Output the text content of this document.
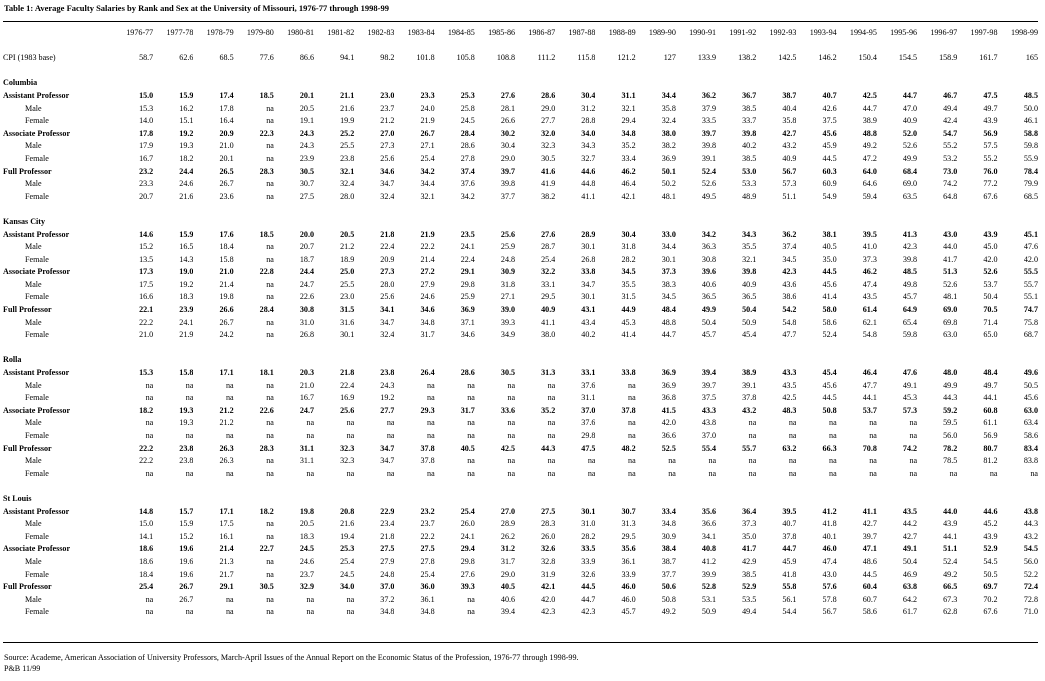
Table 1: Average Faculty Salaries by Rank and Sex at the University of Missouri, 1976-77 through 1998-99
	1976-77	1977-78	1978-79	1979-80	1980-81	1981-82	1982-83	1983-84	1984-85	1985-86	1986-87	1987-88	1988-89	1989-90	1990-91	1991-92	1992-93	1993-94	1994-95	1995-96	1996-97	1997-98	1998-99

CPI (1983 base)	58.7	62.6	68.5	77.6	86.6	94.1	98.2	101.8	105.8	108.8	111.2	115.8	121.2	127	133.9	138.2	142.5	146.2	150.4	154.5	158.9	161.7	165

Columbia																							
Assistant Professor	15.0	15.9	17.4	18.5	20.1	21.1	23.0	23.3	25.3	27.6	28.6	30.4	31.1	34.4	36.2	36.7	38.7	40.7	42.5	44.7	46.7	47.5	48.5
Male	15.3	16.2	17.8	na	20.5	21.6	23.7	24.0	25.8	28.1	29.0	31.2	32.1	35.8	37.9	38.5	40.4	42.6	44.7	47.0	49.4	49.7	50.0
Female	14.0	15.1	16.4	na	19.1	19.9	21.2	21.9	24.5	26.6	27.7	28.8	29.4	32.4	33.5	33.7	35.8	37.5	38.9	40.9	42.4	43.9	46.1
Associate Professor	17.8	19.2	20.9	22.3	24.3	25.2	27.0	26.7	28.4	30.2	32.0	34.0	34.8	38.0	39.7	39.8	42.7	45.6	48.8	52.0	54.7	56.9	58.8
Male	17.9	19.3	21.0	na	24.3	25.5	27.3	27.1	28.6	30.4	32.3	34.3	35.2	38.2	39.8	40.2	43.2	45.9	49.2	52.6	55.2	57.5	59.8
Female	16.7	18.2	20.1	na	23.9	23.8	25.6	25.4	27.8	29.0	30.5	32.7	33.4	36.9	39.1	38.5	40.9	44.5	47.2	49.9	53.2	55.2	55.9
Full Professor	23.2	24.4	26.5	28.3	30.5	32.1	34.6	34.2	37.4	39.7	41.6	44.6	46.2	50.1	52.4	53.0	56.7	60.3	64.0	68.4	73.0	76.0	78.4
Male	23.3	24.6	26.7	na	30.7	32.4	34.7	34.4	37.6	39.8	41.9	44.8	46.4	50.2	52.6	53.3	57.3	60.9	64.6	69.0	74.2	77.2	79.9
Female	20.7	21.6	23.6	na	27.5	28.0	32.4	32.1	34.2	37.7	38.2	41.1	42.1	48.1	49.5	48.9	51.1	54.9	59.4	63.5	64.8	67.6	68.5

Kansas City																							
Assistant Professor	14.6	15.9	17.6	18.5	20.0	20.5	21.8	21.9	23.5	25.6	27.6	28.9	30.4	33.0	34.2	34.3	36.2	38.1	39.5	41.3	43.0	43.9	45.1
Male	15.2	16.5	18.4	na	20.7	21.2	22.4	22.2	24.1	25.9	28.7	30.1	31.8	34.4	36.3	35.5	37.4	40.5	41.0	42.3	44.0	45.0	47.6
Female	13.5	14.3	15.8	na	18.7	18.9	20.9	21.4	22.4	24.8	25.4	26.8	28.2	30.1	30.8	32.1	34.5	35.0	37.3	39.8	41.7	42.0	42.0
Associate Professor	17.3	19.0	21.0	22.8	24.4	25.0	27.3	27.2	29.1	30.9	32.2	33.8	34.5	37.3	39.6	39.8	42.3	44.5	46.2	48.5	51.3	52.6	55.5
Male	17.5	19.2	21.4	na	24.7	25.5	28.0	27.9	29.8	31.8	33.1	34.7	35.5	38.3	40.6	40.9	43.6	45.6	47.4	49.8	52.6	53.7	55.7
Female	16.6	18.3	19.8	na	22.6	23.0	25.6	24.6	25.9	27.1	29.5	30.1	31.5	34.5	36.5	36.5	38.6	41.4	43.5	45.7	48.1	50.4	55.1
Full Professor	22.1	23.9	26.6	28.4	30.8	31.5	34.1	34.6	36.9	39.0	40.9	43.1	44.9	48.4	49.9	50.4	54.2	58.0	61.4	64.9	69.0	70.5	74.7
Male	22.2	24.1	26.7	na	31.0	31.6	34.7	34.8	37.1	39.3	41.1	43.4	45.3	48.8	50.4	50.9	54.8	58.6	62.1	65.4	69.8	71.4	75.8
Female	21.0	21.9	24.2	na	26.8	30.1	32.4	31.7	34.6	34.9	38.0	40.2	41.4	44.7	45.7	45.4	47.7	52.4	54.8	59.8	63.0	65.0	68.7

Rolla																							
Assistant Professor	15.3	15.8	17.1	18.1	20.3	21.8	23.8	26.4	28.6	30.5	31.3	33.1	33.8	36.9	39.4	38.9	43.3	45.4	46.4	47.6	48.0	48.4	49.6
Male	na	na	na	na	21.0	22.4	24.3	na	na	na	na	37.6	na	36.9	39.7	39.1	43.5	45.6	47.7	49.1	49.9	49.7	50.5
Female	na	na	na	na	16.7	16.9	19.2	na	na	na	na	31.1	na	36.8	37.5	37.8	42.5	44.5	44.1	45.3	44.3	44.1	45.6
Associate Professor	18.2	19.3	21.2	22.6	24.7	25.6	27.7	29.3	31.7	33.6	35.2	37.0	37.8	41.5	43.3	43.2	48.3	50.8	53.7	57.3	59.2	60.8	63.0
Male	na	19.3	21.2	na	na	na	na	na	na	na	na	37.6	na	42.0	43.8	na	na	na	na	na	59.5	61.1	63.4
Female	na	na	na	na	na	na	na	na	na	na	na	29.8	na	36.6	37.0	na	na	na	na	na	56.0	56.9	58.6
Full Professor	22.2	23.8	26.3	28.3	31.1	32.3	34.7	37.8	40.5	42.5	44.3	47.5	48.2	52.5	55.4	55.7	63.2	66.3	70.8	74.2	78.2	80.7	83.4
Male	22.2	23.8	26.3	na	31.1	32.3	34.7	37.8	na	na	na	na	na	na	na	na	na	na	na	na	78.5	81.2	83.8
Female	na	na	na	na	na	na	na	na	na	na	na	na	na	na	na	na	na	na	na	na	na	na	na

St Louis																							
Assistant Professor	14.8	15.7	17.1	18.2	19.8	20.8	22.9	23.2	25.4	27.0	27.5	30.1	30.7	33.4	35.6	36.4	39.5	41.2	41.1	43.5	44.0	44.6	43.8
Male	15.0	15.9	17.5	na	20.5	21.6	23.4	23.7	26.0	28.9	28.3	31.0	31.3	34.8	36.6	37.3	40.7	41.8	42.7	44.2	43.9	45.2	44.3
Female	14.1	15.2	16.1	na	18.3	19.4	21.8	22.2	24.1	26.2	26.0	28.2	29.5	30.9	34.1	35.0	37.8	40.1	39.7	42.7	44.1	43.9	43.2
Associate Professor	18.6	19.6	21.4	22.7	24.5	25.3	27.5	27.5	29.4	31.2	32.6	33.5	35.6	38.4	40.8	41.7	44.7	46.0	47.1	49.1	51.1	52.9	54.5
Male	18.6	19.6	21.3	na	24.6	25.4	27.9	27.8	29.8	31.7	32.8	33.9	36.1	38.7	41.2	42.9	45.9	47.4	48.6	50.4	52.4	54.5	56.0
Female	18.4	19.6	21.7	na	23.7	24.5	24.8	25.4	27.6	29.0	31.9	32.6	33.9	37.7	39.9	38.5	41.8	43.0	44.5	46.9	49.2	50.5	52.2
Full Professor	25.4	26.7	29.1	30.5	32.9	34.0	37.0	36.0	39.3	40.5	42.1	44.5	46.0	50.6	52.8	52.9	55.8	57.6	60.4	63.8	66.5	69.7	72.4
Male	na	26.7	na	na	na	na	37.2	36.1	na	40.6	42.0	44.7	46.0	50.8	53.1	53.5	56.1	57.8	60.7	64.2	67.3	70.2	72.8
Female	na	na	na	na	na	na	34.8	34.8	na	39.4	42.3	42.3	45.7	49.2	50.9	49.4	54.4	56.7	58.6	61.7	62.8	67.6	71.0
Source: Academe, American Association of University Professors, March-April Issues of the Annual Report on the Economic Status of the Profession, 1976-77 through 1998-99.
P&B 11/99
